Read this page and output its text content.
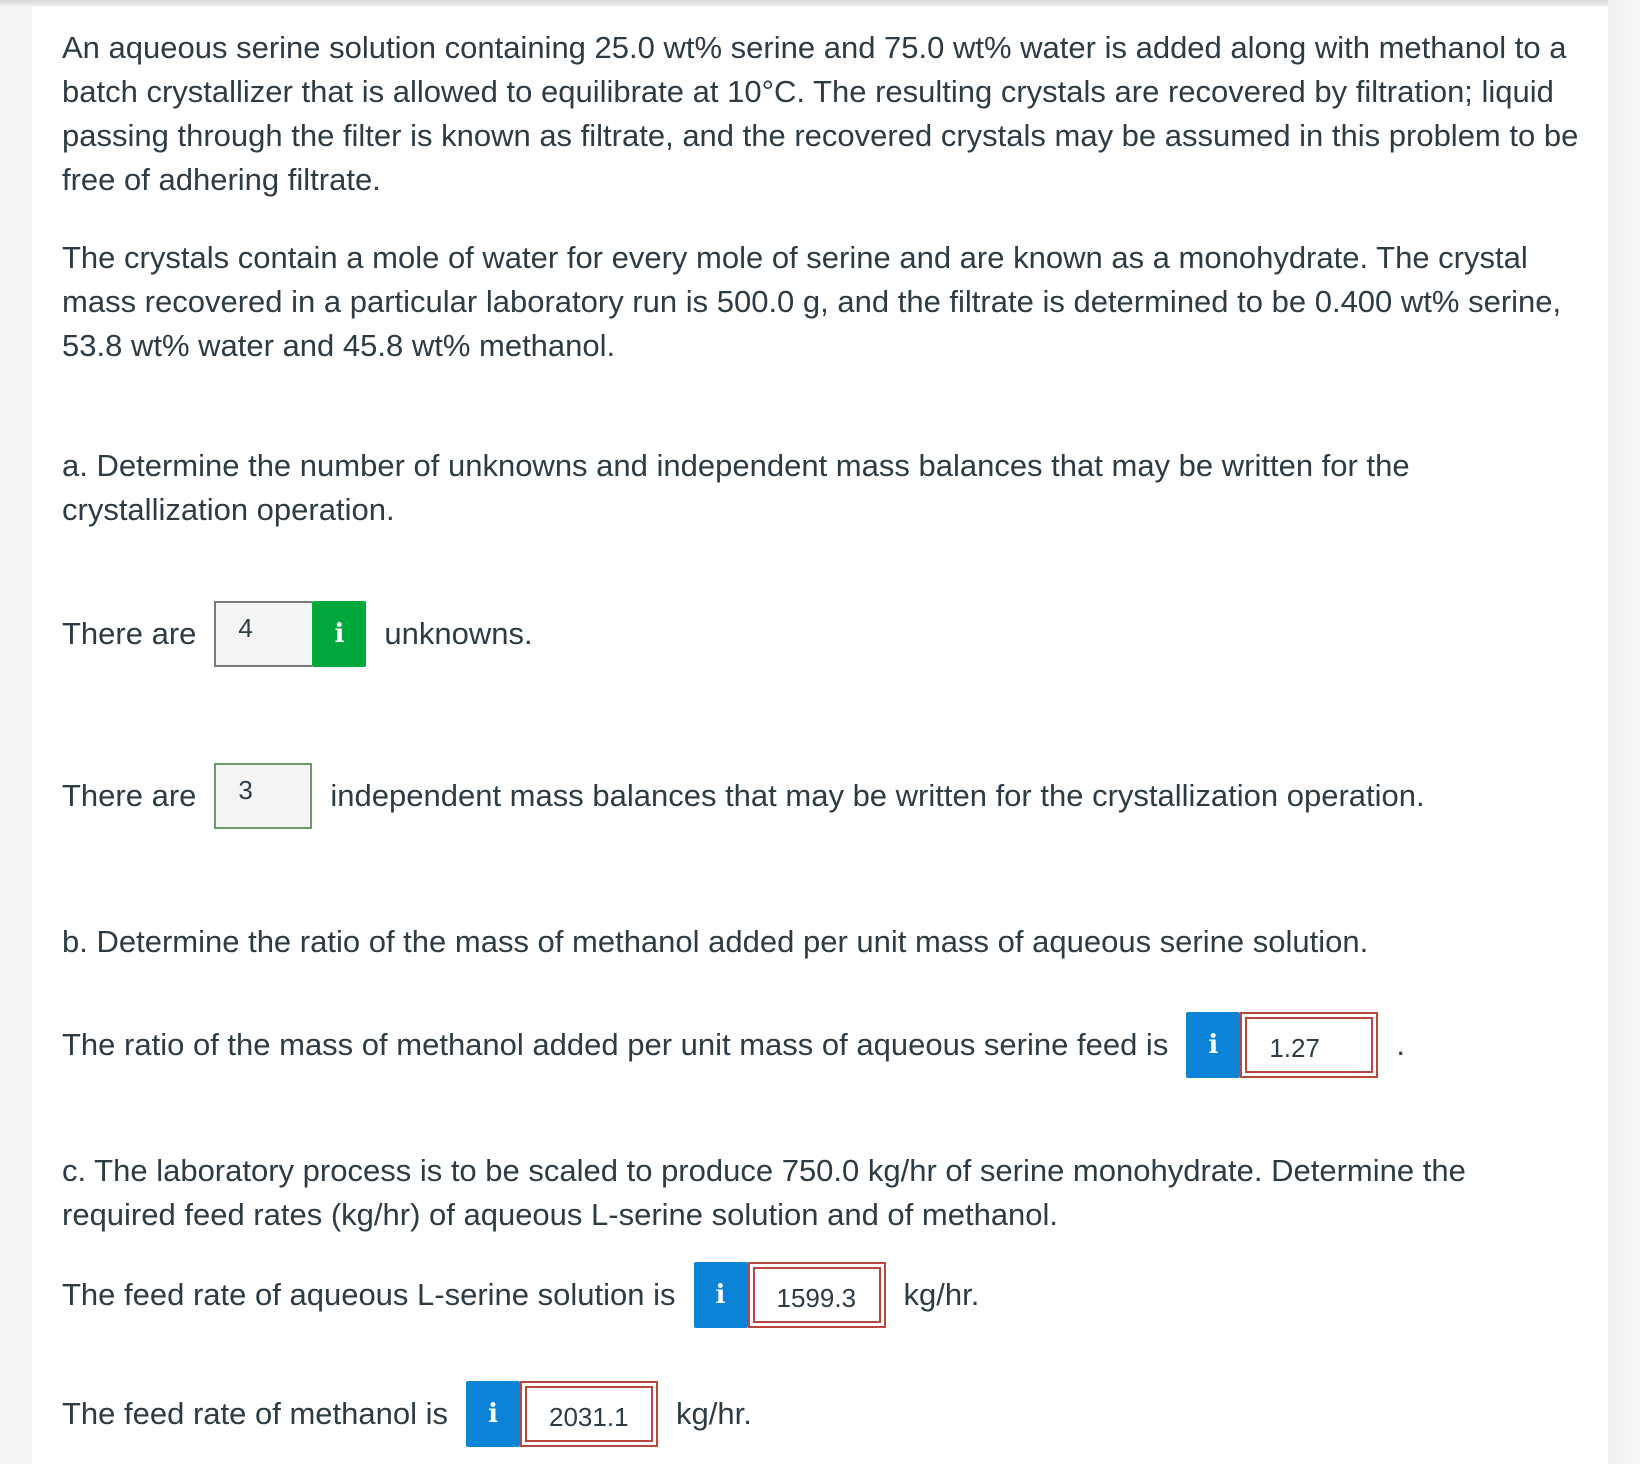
An aqueous serine solution containing 25.0 wt% serine and 75.0 wt% water is added along with methanol to a batch crystallizer that is allowed to equilibrate at 10°C. The resulting crystals are recovered by filtration; liquid passing through the filter is known as filtrate, and the recovered crystals may be assumed in this problem to be free of adhering filtrate.

The crystals contain a mole of water for every mole of serine and are known as a monohydrate. The crystal mass recovered in a particular laboratory run is 500.0 g, and the filtrate is determined to be 0.400 wt% serine, 53.8 wt% water and 45.8 wt% methanol.

a. Determine the number of unknowns and independent mass balances that may be written for the crystallization operation.

There are	4	i unknowns.
There are	3	independent mass balances that may be written for the crystallization operation.

b. Determine the ratio of the mass of methanol added per unit mass of aqueous serine solution.

The ratio of the mass of methanol added per unit mass of aqueous serine feed is i	1.27	.

c. The laboratory process is to be scaled to produce 750.0 kg/hr of serine monohydrate. Determine the required feed rates (kg/hr) of aqueous L-serine solution and of methanol.

The feed rate of aqueous L-serine solution is i	1599.3	kg/hr.
The feed rate of methanol is i	2031.1	kg/hr.
